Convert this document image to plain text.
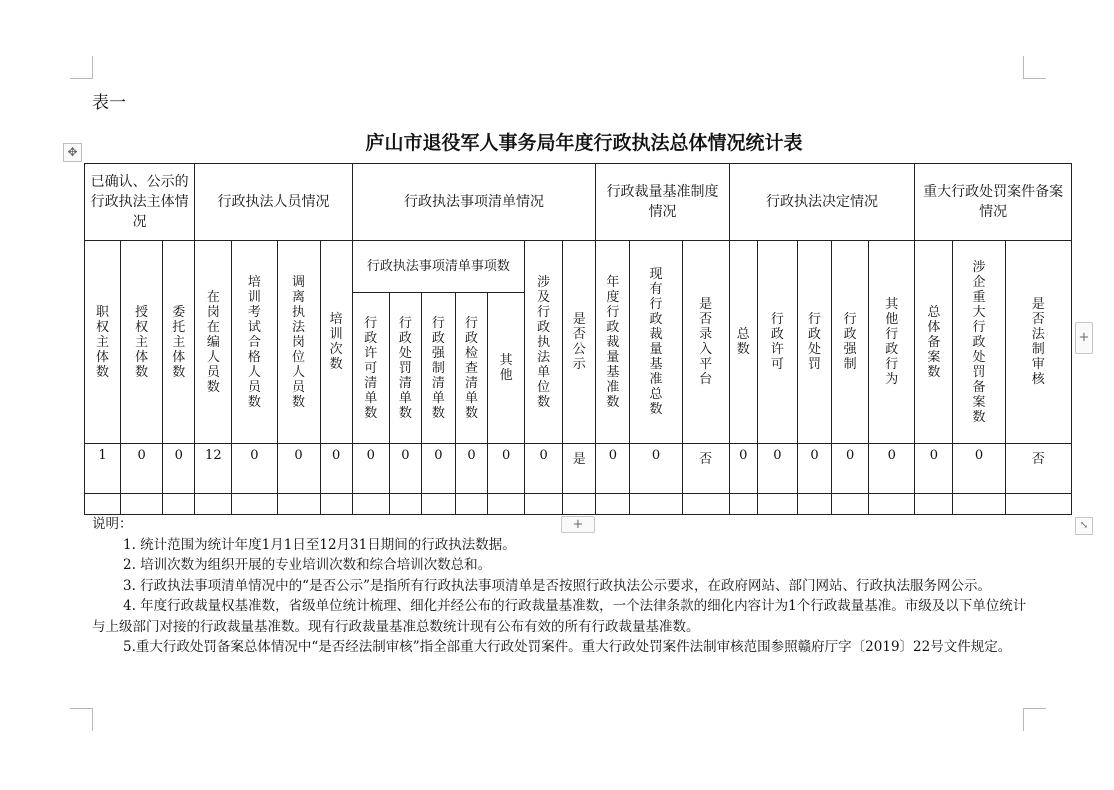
表一
✥	庐山市退役军人事务局年度行政执法总体情况统计表
已确认、公示的行政执法主体情况			行政执法人员情况				行政执法事项清单情况							行政裁量基准制度情况			行政执法决定情况					重大行政处罚案件备案情况		
职权主体数	授权主体数	委托主体数	在岗在编人员数	培训考试合格人员数	调离执法岗位人员数	培训次数	行政执法事项清单事项数					涉及行政执法单位数	是否公示	年度行政裁量基准数	现有行政裁量基准总数	是否录入平台	总数	行政许可	行政处罚	行政强制	其他行政行为	总体备案数	涉企重大行政处罚备案数	是否法制审核
							行政许可清单数	行政处罚清单数	行政强制清单数	行政检查清单数	其他													
1	0	0	12	0	0	0	0	0	0	0	0	0	是	0	0	否	0	0	0	0	0	0	0	否

+
+	⤡

说明：

1. 统计范围为统计年度1月1日至12月31日期间的行政执法数据。

2. 培训次数为组织开展的专业培训次数和综合培训次数总和。

3. 行政执法事项清单情况中的“是否公示”是指所有行政执法事项清单是否按照行政执法公示要求，在政府网站、部门网站、行政执法服务网公示。

4. 年度行政裁量权基准数，省级单位统计梳理、细化并经公布的行政裁量基准数，一个法律条款的细化内容计为1个行政裁量基准。市级及以下单位统计与上级部门对接的行政裁量基准数。现有行政裁量基准总数统计现有公布有效的所有行政裁量基准数。

5.重大行政处罚备案总体情况中“是否经法制审核”指全部重大行政处罚案件。重大行政处罚案件法制审核范围参照赣府厅字〔2019〕22号文件规定。
